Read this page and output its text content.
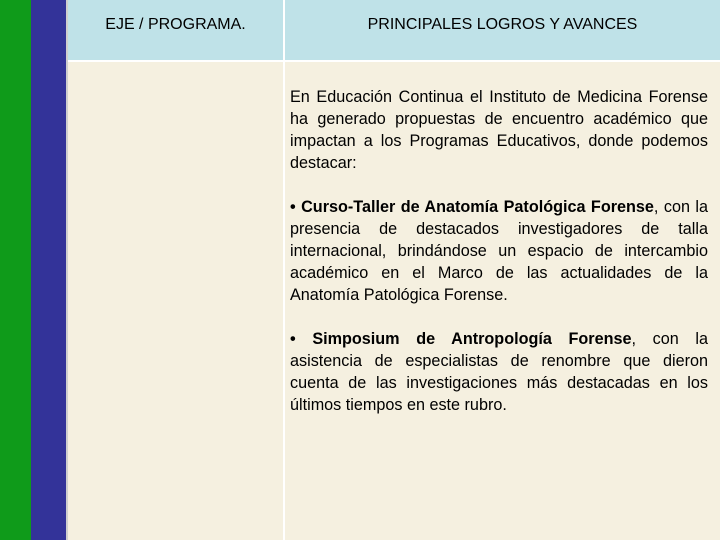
EJE / PROGRAMA.	PRINCIPALES LOGROS Y AVANCES

En Educación Continua el Instituto de Medicina Forense ha generado propuestas de encuentro académico que impactan a los Programas Educativos, donde podemos destacar:

• Curso-Taller de Anatomía Patológica Forense, con la presencia de destacados investigadores de talla internacional, brindándose un espacio de intercambio académico en el Marco de las actualidades de la Anatomía Patológica Forense.

• Simposium de Antropología Forense, con la asistencia de especialistas de renombre que dieron cuenta de las investigaciones más destacadas en los últimos tiempos en este rubro.
